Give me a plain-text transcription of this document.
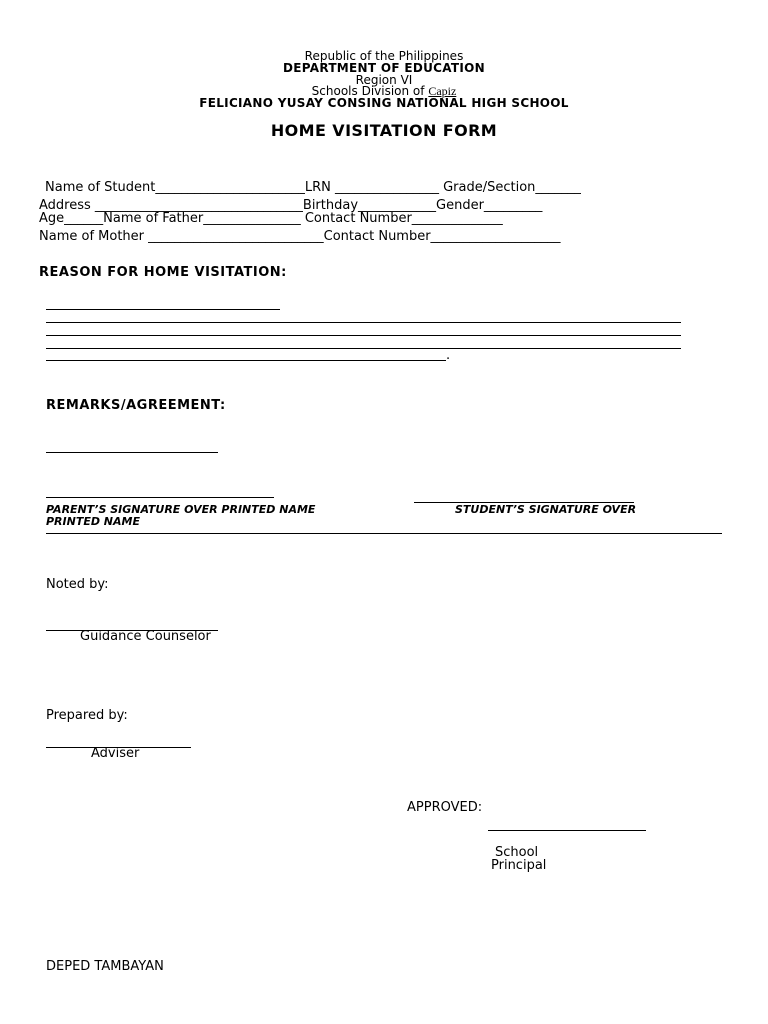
Republic of the Philippines
DEPARTMENT OF EDUCATION
Region VI
Schools Division of Capiz
FELICIANO YUSAY CONSING NATIONAL HIGH SCHOOL
HOME VISITATION FORM
Name of Student_______________________LRN ________________ Grade/Section_______
Address ________________________________Birthday____________Gender_________
Age______Name of Father_______________ Contact Number______________
Name of Mother ___________________________Contact Number____________________
REASON FOR HOME VISITATION:
.
REMARKS/AGREEMENT:
PARENT’S SIGNATURE OVER PRINTED NAME	STUDENT’S SIGNATURE OVER
PRINTED NAME
Noted by:
Guidance Counselor
Prepared by:
Adviser
APPROVED:
School
Principal
DEPED TAMBAYAN
